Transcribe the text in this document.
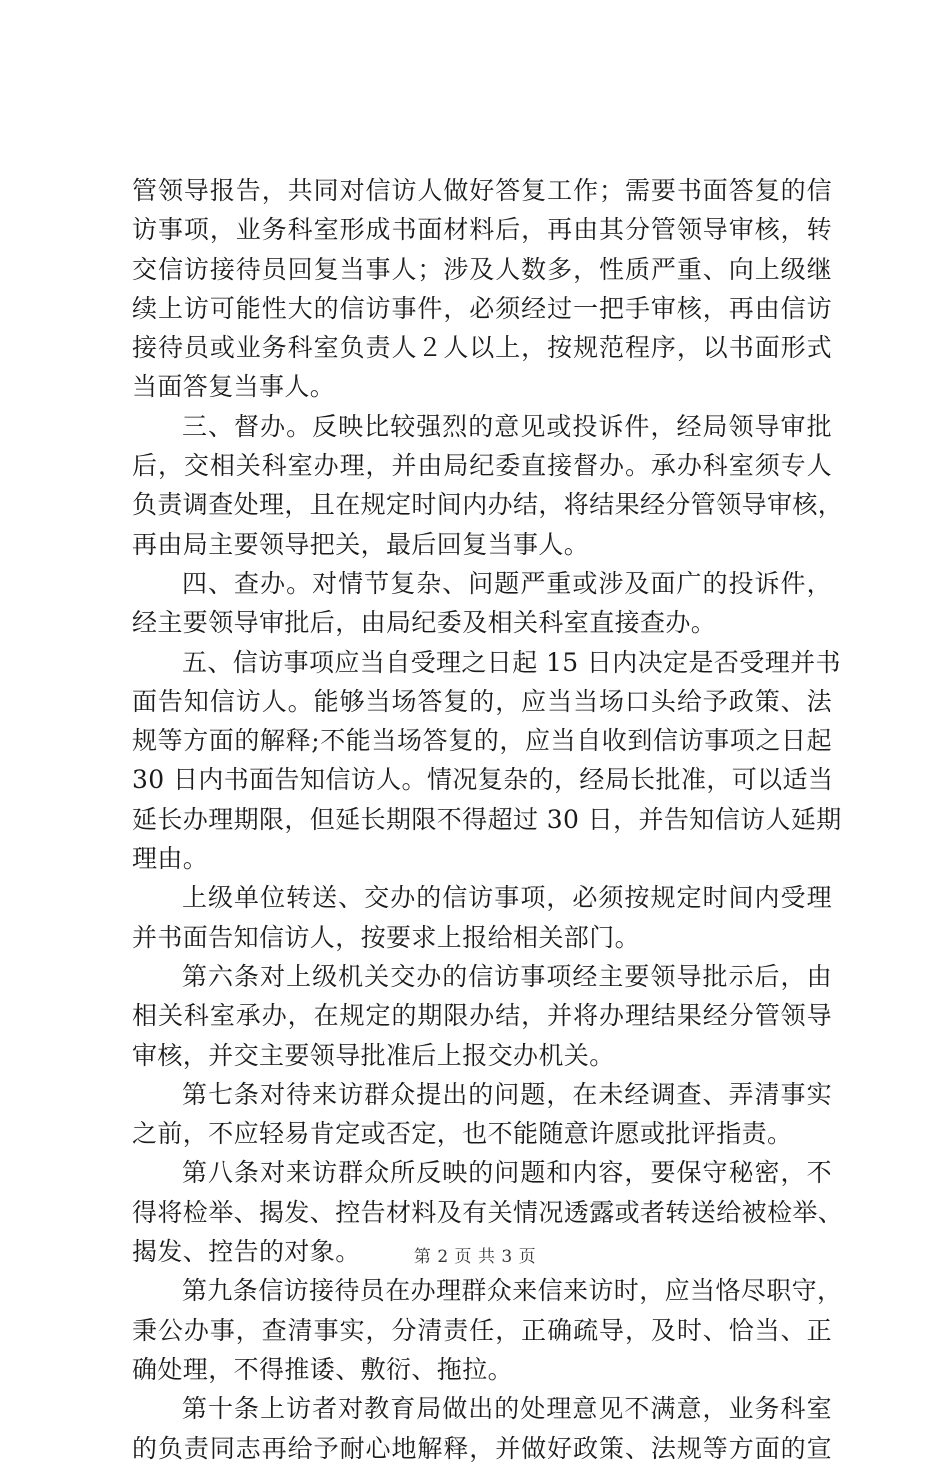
管领导报告，共同对信访人做好答复工作；需要书面答复的信
访事项，业务科室形成书面材料后，再由其分管领导审核，转
交信访接待员回复当事人；涉及人数多，性质严重、向上级继
续上访可能性大的信访事件，必须经过一把手审核，再由信访
接待员或业务科室负责人２人以上，按规范程序，以书面形式
当面答复当事人。
三、督办。反映比较强烈的意见或投诉件，经局领导审批
后，交相关科室办理，并由局纪委直接督办。承办科室须专人
负责调查处理，且在规定时间内办结，将结果经分管领导审核，
再由局主要领导把关，最后回复当事人。
四、查办。对情节复杂、问题严重或涉及面广的投诉件，
经主要领导审批后，由局纪委及相关科室直接查办。
五、信访事项应当自受理之日起 15 日内决定是否受理并书
面告知信访人。能够当场答复的，应当当场口头给予政策、法
规等方面的解释;不能当场答复的，应当自收到信访事项之日起
30 日内书面告知信访人。情况复杂的，经局长批准，可以适当
延长办理期限，但延长期限不得超过 30 日，并告知信访人延期
理由。
上级单位转送、交办的信访事项，必须按规定时间内受理
并书面告知信访人，按要求上报给相关部门。
第六条对上级机关交办的信访事项经主要领导批示后，由
相关科室承办，在规定的期限办结，并将办理结果经分管领导
审核，并交主要领导批准后上报交办机关。
第七条对待来访群众提出的问题，在未经调查、弄清事实
之前，不应轻易肯定或否定，也不能随意许愿或批评指责。
第八条对来访群众所反映的问题和内容，要保守秘密，不
得将检举、揭发、控告材料及有关情况透露或者转送给被检举、
揭发、控告的对象。
第九条信访接待员在办理群众来信来访时，应当恪尽职守，
秉公办事，查清事实，分清责任，正确疏导，及时、恰当、正
确处理，不得推诿、敷衍、拖拉。
第十条上访者对教育局做出的处理意见不满意，业务科室
的负责同志再给予耐心地解释，并做好政策、法规等方面的宣
第 2 页 共 3 页
